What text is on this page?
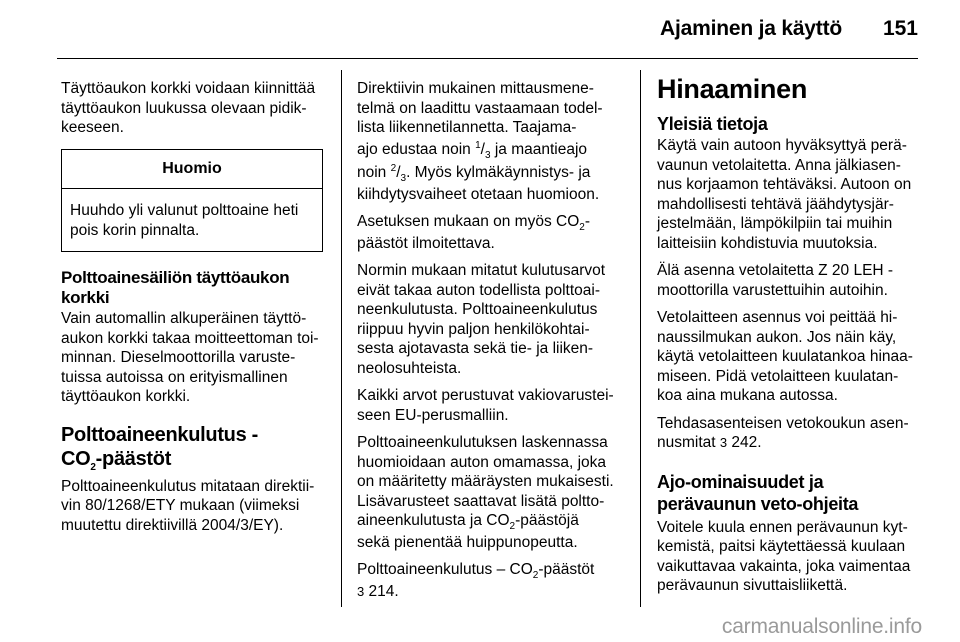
Ajaminen ja käyttö 151

Täyttöaukon korkki voidaan kiinnittää
täyttöaukon luukussa olevaan pidik-
keeseen.

Huomio
Huuhdo yli valunut polttoaine heti
pois korin pinnalta.
Polttoainesäiliön täyttöaukon
korkki

Vain automallin alkuperäinen täyttö-
aukon korkki takaa moitteettoman toi-
minnan. Dieselmoottorilla varuste-
tuissa autoissa on erityismallinen
täyttöaukon korkki.

Polttoaineenkulutus -
$CO_2$-päästöt

Polttoaineenkulutus mitataan direktii-
vin 80/1268/ETY mukaan (viimeksi
muutettu direktiivillä 2004/3/EY).

Direktiivin mukainen mittausmene-
telmä on laadittu vastaamaan todel-
lista liikennetilannetta. Taajama-
ajo edustaa noin $^1/_3$ ja maantieajo
noin $^2/_3$. Myös kylmäkäynnistys- ja
kiihdytysvaiheet otetaan huomioon.

Asetuksen mukaan on myös $CO_2-$
päästöt ilmoitettava.

Normin mukaan mitatut kulutusarvot
eivät takaa auton todellista polttoai-
neenkulutusta. Polttoaineenkulutus
riippuu hyvin paljon henkilökohtai-
sesta ajotavasta sekä tie- ja liiken-
neolosuhteista.

Kaikki arvot perustuvat vakiovarustei-
seen EU-perusmalliin.

Polttoaineenkulutuksen laskennassa
huomioidaan auton omamassa, joka
on määritetty määräysten mukaisesti.
Lisävarusteet saattavat lisätä poltto-
aineenkulutusta ja $CO_2$-päästöjä
sekä pienentää huippunopeutta.

Polttoaineenkulutus – $CO_2$-päästöt
3 214.

Hinaaminen
Yleisiä tietoja

Käytä vain autoon hyväksyttyä perä-
vaunun vetolaitetta. Anna jälkiasen-
nus korjaamon tehtäväksi. Autoon on
mahdollisesti tehtävä jäähdytysjär-
jestelmään, lämpökilpiin tai muihin
laitteisiin kohdistuvia muutoksia.

Älä asenna vetolaitetta Z 20 LEH -
moottorilla varustettuihin autoihin.

Vetolaitteen asennus voi peittää hi-
naussilmukan aukon. Jos näin käy,
käytä vetolaitteen kuulatankoa hinaa-
miseen. Pidä vetolaitteen kuulatan-
koa aina mukana autossa.

Tehdasasenteisen vetokoukun asen-
nusmitat 3 242.

Ajo-ominaisuudet ja
perävaunun veto-ohjeita

Voitele kuula ennen perävaunun kyt-
kemistä, paitsi käytettäessä kuulaan
vaikuttavaa vakainta, joka vaimentaa
perävaunun sivuttaisliikettä.

carmanualsonline.info
